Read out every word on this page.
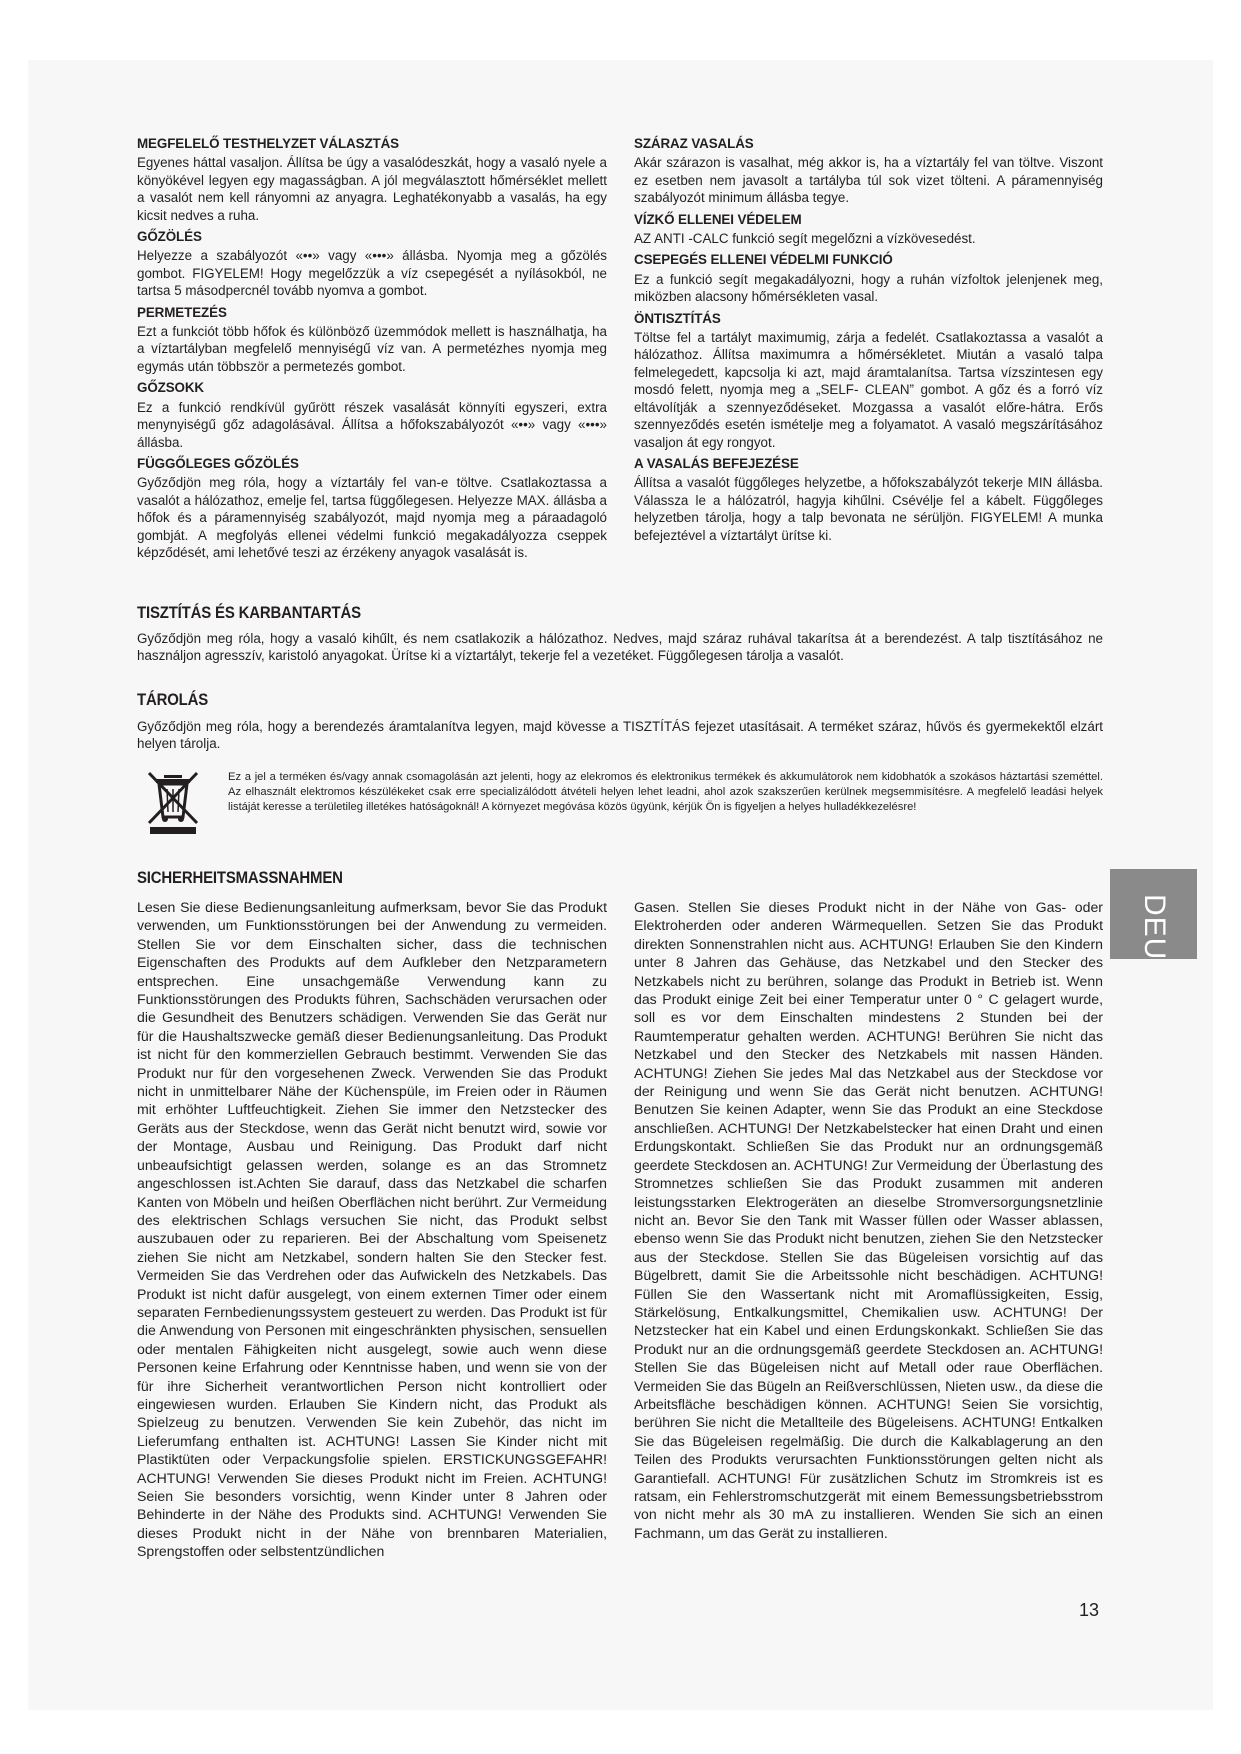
MEGFELELŐ TESTHELYZET VÁLASZTÁS

Egyenes háttal vasaljon. Állítsa be úgy a vasalódeszkát, hogy a vasaló nyele a könyökével legyen egy magasságban. A jól megválasztott hőmérséklet mellett a vasalót nem kell rányomni az anyagra. Leghatékonyabb a vasalás, ha egy kicsit nedves a ruha.

GŐZÖLÉS

Helyezze a szabályozót «••» vagy «•••» állásba. Nyomja meg a gőzölés gombot. FIGYELEM! Hogy megelőzzük a víz csepegését a nyílásokból, ne tartsa 5 másodpercnél tovább nyomva a gombot.

PERMETEZÉS

Ezt a funkciót több hőfok és különböző üzemmódok mellett is használhatja, ha a víztartályban megfelelő mennyiségű víz van. A permetézhes nyomja meg egymás után többször a permetezés gombot.

GŐZSOKK

Ez a funkció rendkívül gyűrött részek vasalását könnyíti egyszeri, extra menynyiségű gőz adagolásával. Állítsa a hőfokszabályozót «••» vagy «•••» állásba.

FÜGGŐLEGES GŐZÖLÉS

Győződjön meg róla, hogy a víztartály fel van-e töltve. Csatlakoztassa a vasalót a hálózathoz, emelje fel, tartsa függőlegesen. Helyezze MAX. állásba a hőfok és a páramennyiség szabályozót, majd nyomja meg a páraadagoló gombját. A megfolyás ellenei védelmi funkció megakadályozza cseppek képződését, ami lehetővé teszi az érzékeny anyagok vasalását is.

SZÁRAZ VASALÁS

Akár szárazon is vasalhat, még akkor is, ha a víztartály fel van töltve. Viszont ez esetben nem javasolt a tartályba túl sok vizet tölteni. A páramennyiség szabályozót minimum állásba tegye.

VÍZKŐ ELLENEI VÉDELEM

AZ ANTI -CALC funkció segít megelőzni a vízkövesedést.

CSEPEGÉS ELLENEI VÉDELMI FUNKCIÓ

Ez a funkció segít megakadályozni, hogy a ruhán vízfoltok jelenjenek meg, miközben alacsony hőmérsékleten vasal.

ÖNTISZTÍTÁS

Töltse fel a tartályt maximumig, zárja a fedelét. Csatlakoztassa a vasalót a hálózathoz. Állítsa maximumra a hőmérsékletet. Miután a vasaló talpa felmelegedett, kapcsolja ki azt, majd áramtalanítsa. Tartsa vízszintesen egy mosdó felett, nyomja meg a „SELF- CLEAN” gombot. A gőz és a forró víz eltávolítják a szennyeződéseket. Mozgassa a vasalót előre-hátra. Erős szennyeződés esetén ismételje meg a folyamatot. A vasaló megszárításához vasaljon át egy rongyot.

A VASALÁS BEFEJEZÉSE

Állítsa a vasalót függőleges helyzetbe, a hőfokszabályzót tekerje MIN állásba. Válassza le a hálózatról, hagyja kihűlni. Csévélje fel a kábelt. Függőleges helyzetben tárolja, hogy a talp bevonata ne sérüljön. FIGYELEM! A munka befejeztével a víztartályt ürítse ki.

TISZTÍTÁS ÉS KARBANTARTÁS
Győződjön meg róla, hogy a vasaló kihűlt, és nem csatlakozik a hálózathoz. Nedves, majd száraz ruhával takarítsa át a berendezést. A talp tisztításához ne használjon agresszív, karistoló anyagokat. Ürítse ki a víztartályt, tekerje fel a vezetéket. Függőlegesen tárolja a vasalót.
TÁROLÁS
Győződjön meg róla, hogy a berendezés áramtalanítva legyen, majd kövesse a TISZTÍTÁS fejezet utasításait. A terméket száraz, hűvös és gyermekektől elzárt helyen tárolja.
Ez a jel a terméken és/vagy annak csomagolásán azt jelenti, hogy az elekromos és elektronikus termékek és akkumulátorok nem kidobhatók a szokásos háztartási szeméttel. Az elhasznált elektromos készülékeket csak erre specializálódott átvételi helyen lehet leadni, ahol azok szakszerűen kerülnek megsemmisítésre. A megfelelő leadási helyek listáját keresse a területileg illetékes hatóságoknál! A környezet megóvása közös ügyünk, kérjük Ön is figyeljen a helyes hulladékkezelésre!
SICHERHEITSMASSNAHMEN
Lesen Sie diese Bedienungsanleitung aufmerksam, bevor Sie das Produkt verwenden, um Funktionsstörungen bei der Anwendung zu vermeiden. Stellen Sie vor dem Einschalten sicher, dass die technischen Eigenschaften des Produkts auf dem Aufkleber den Netzparametern entsprechen. Eine unsachgemäße Verwendung kann zu Funktionsstörungen des Produkts führen, Sachschäden verursachen oder die Gesundheit des Benutzers schädigen. Verwenden Sie das Gerät nur für die Haushaltszwecke gemäß dieser Bedienungsanleitung. Das Produkt ist nicht für den kommerziellen Gebrauch bestimmt. Verwenden Sie das Produkt nur für den vorgesehenen Zweck. Verwenden Sie das Produkt nicht in unmittelbarer Nähe der Küchenspüle, im Freien oder in Räumen mit erhöhter Luftfeuchtigkeit. Ziehen Sie immer den Netzstecker des Geräts aus der Steckdose, wenn das Gerät nicht benutzt wird, sowie vor der Montage, Ausbau und Reinigung. Das Produkt darf nicht unbeaufsichtigt gelassen werden, solange es an das Stromnetz angeschlossen ist.Achten Sie darauf, dass das Netzkabel die scharfen Kanten von Möbeln und heißen Oberflächen nicht berührt. Zur Vermeidung des elektrischen Schlags versuchen Sie nicht, das Produkt selbst auszubauen oder zu reparieren. Bei der Abschaltung vom Speisenetz ziehen Sie nicht am Netzkabel, sondern halten Sie den Stecker fest. Vermeiden Sie das Verdrehen oder das Aufwickeln des Netzkabels. Das Produkt ist nicht dafür ausgelegt, von einem externen Timer oder einem separaten Fernbedienungssystem gesteuert zu werden. Das Produkt ist für die Anwendung von Personen mit eingeschränkten physischen, sensuellen oder mentalen Fähigkeiten nicht ausgelegt, sowie auch wenn diese Personen keine Erfahrung oder Kenntnisse haben, und wenn sie von der für ihre Sicherheit verantwortlichen Person nicht kontrolliert oder eingewiesen wurden. Erlauben Sie Kindern nicht, das Produkt als Spielzeug zu benutzen. Verwenden Sie kein Zubehör, das nicht im Lieferumfang enthalten ist. ACHTUNG! Lassen Sie Kinder nicht mit Plastiktüten oder Verpackungsfolie spielen. ERSTICKUNGSGEFAHR! ACHTUNG! Verwenden Sie dieses Produkt nicht im Freien. ACHTUNG! Seien Sie besonders vorsichtig, wenn Kinder unter 8 Jahren oder Behinderte in der Nähe des Produkts sind. ACHTUNG! Verwenden Sie dieses Produkt nicht in der Nähe von brennbaren Materialien, Sprengstoffen oder selbstentzündlichen
Gasen. Stellen Sie dieses Produkt nicht in der Nähe von Gas- oder Elektroherden oder anderen Wärmequellen. Setzen Sie das Produkt direkten Sonnenstrahlen nicht aus. ACHTUNG! Erlauben Sie den Kindern unter 8 Jahren das Gehäuse, das Netzkabel und den Stecker des Netzkabels nicht zu berühren, solange das Produkt in Betrieb ist. Wenn das Produkt einige Zeit bei einer Temperatur unter 0 ° C gelagert wurde, soll es vor dem Einschalten mindestens 2 Stunden bei der Raumtemperatur gehalten werden. ACHTUNG! Berühren Sie nicht das Netzkabel und den Stecker des Netzkabels mit nassen Händen. ACHTUNG! Ziehen Sie jedes Mal das Netzkabel aus der Steckdose vor der Reinigung und wenn Sie das Gerät nicht benutzen. ACHTUNG! Benutzen Sie keinen Adapter, wenn Sie das Produkt an eine Steckdose anschließen. ACHTUNG! Der Netzkabelstecker hat einen Draht und einen Erdungskontakt. Schließen Sie das Produkt nur an ordnungsgemäß geerdete Steckdosen an. ACHTUNG! Zur Vermeidung der Überlastung des Stromnetzes schließen Sie das Produkt zusammen mit anderen leistungsstarken Elektrogeräten an dieselbe Stromversorgungsnetzlinie nicht an. Bevor Sie den Tank mit Wasser füllen oder Wasser ablassen, ebenso wenn Sie das Produkt nicht benutzen, ziehen Sie den Netzstecker aus der Steckdose. Stellen Sie das Bügeleisen vorsichtig auf das Bügelbrett, damit Sie die Arbeitssohle nicht beschädigen. ACHTUNG! Füllen Sie den Wassertank nicht mit Aromaflüssigkeiten, Essig, Stärkelösung, Entkalkungsmittel, Chemikalien usw. ACHTUNG! Der Netzstecker hat ein Kabel und einen Erdungskonkakt. Schließen Sie das Produkt nur an die ordnungsgemäß geerdete Steckdosen an. ACHTUNG! Stellen Sie das Bügeleisen nicht auf Metall oder raue Oberflächen. Vermeiden Sie das Bügeln an Reißverschlüssen, Nieten usw., da diese die Arbeitsfläche beschädigen können. ACHTUNG! Seien Sie vorsichtig, berühren Sie nicht die Metallteile des Bügeleisens. ACHTUNG! Entkalken Sie das Bügeleisen regelmäßig. Die durch die Kalkablagerung an den Teilen des Produkts verursachten Funktionsstörungen gelten nicht als Garantiefall. ACHTUNG! Für zusätzlichen Schutz im Stromkreis ist es ratsam, ein Fehlerstromschutzgerät mit einem Bemessungsbetriebsstrom von nicht mehr als 30 mA zu installieren. Wenden Sie sich an einen Fachmann, um das Gerät zu installieren.
DEU
13
